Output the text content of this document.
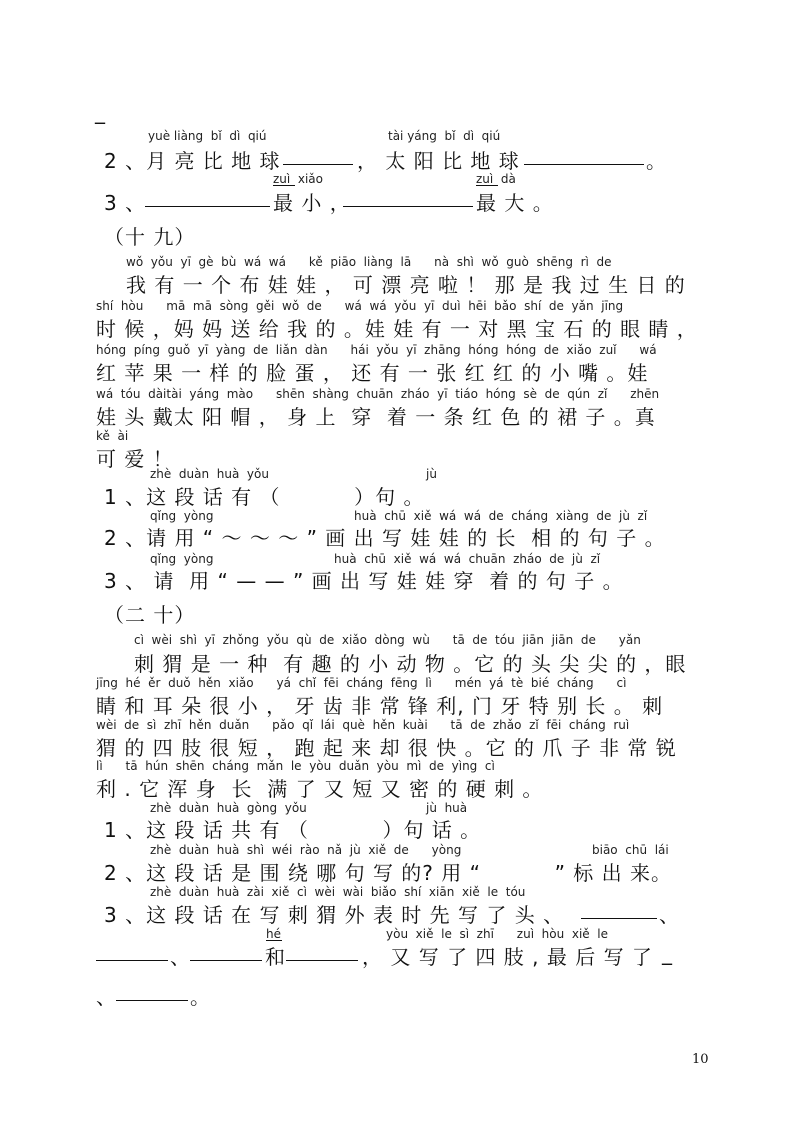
_
yuè liàng  bǐ  dì  qiú	tài yáng  bǐ  dì  qiú
2 、月 亮 比 地 球	， 太 阳 比 地 球	。
zuì  xiǎo	zuì  dà
3 、	最 小 ，	最 大 。
（十 九）
wǒ  yǒu  yī  gè  bù  wá  wá      kě  piāo  liàng  lā      nà  shì  wǒ  guò  shēng  rì  de
我 有 一 个 布 娃 娃 ， 可 漂 亮 啦 ！ 那 是 我 过 生 日 的
shí  hòu      mā  mā  sòng  gěi  wǒ  de      wá  wá  yǒu  yī  duì  hēi  bǎo  shí  de  yǎn  jīng
时 候 ，妈 妈 送 给 我 的 。娃 娃 有 一 对 黑 宝 石 的 眼 睛 ，
hóng  píng  guǒ  yī  yàng  de  liǎn  dàn      hái  yǒu  yī  zhāng  hóng  hóng  de  xiǎo  zuǐ      wá
红 苹 果 一 样 的 脸 蛋 ， 还 有 一 张 红 红 的 小 嘴 。娃
wá  tóu  dàitài  yáng  mào      shēn  shàng  chuān  zháo  yī  tiáo  hóng  sè  de  qún  zǐ      zhēn
娃 头 戴太 阳 帽 ， 身 上  穿  着 一 条 红 色 的 裙 子 。真
kě  ài
可 爱 ！
zhè  duàn  huà  yǒu	jù
1 、这 段 话 有 （          ）句 。
qǐng  yòng	huà  chū  xiě  wá  wá  de  cháng  xiàng  de  jù  zǐ
2 、请 用 “ ～ ～ ～ ” 画 出 写 娃 娃 的 长  相 的 句 子 。
qǐng  yòng	huà  chū  xiě  wá  wá  chuān  zháo  de  jù  zǐ
3 、 请  用 “ — — ” 画 出 写 娃 娃 穿  着 的 句 子 。
（二 十）
cì  wèi  shì  yī  zhǒng  yǒu  qù  de  xiǎo  dòng  wù      tā  de  tóu  jiān  jiān  de      yǎn
刺 猬 是 一 种  有 趣 的 小 动 物 。它 的 头 尖 尖 的 ，眼
jīng  hé  ěr  duǒ  hěn  xiǎo      yá  chǐ  fēi  cháng  fēng  lì      mén  yá  tè  bié  cháng      cì
睛 和 耳 朵 很 小 ， 牙 齿 非 常 锋 利, 门 牙 特 别 长 。 刺
wèi  de  sì  zhī  hěn  duǎn      pǎo  qǐ  lái  què  hěn  kuài      tā  de  zhǎo  zǐ  fēi  cháng  ruì
猬 的 四 肢 很 短 ， 跑 起 来 却 很 快 。它 的 爪 子 非 常 锐
lì      tā  hún  shēn  cháng  mǎn  le  yòu  duǎn  yòu  mì  de  yìng  cì
利 . 它 浑 身  长  满 了 又 短 又 密 的 硬 刺 。
zhè  duàn  huà  gòng  yǒu	jù  huà
1 、这 段 话 共 有 （          ）句 话 。
zhè  duàn  huà  shì  wéi  rào  nǎ  jù  xiě  de      yòng	biāo  chū  lái
2 、这 段 话 是 围 绕 哪 句 写 的? 用 “          ” 标 出 来。
zhè  duàn  huà  zài  xiě  cì  wèi  wài  biǎo  shí  xiān  xiě  le  tóu
3 、这 段 话 在 写 刺 猬 外 表 时 先 写 了 头 、	、
hé	yòu  xiě  le  sì  zhī      zuì  hòu  xiě  le
、	和	， 又 写 了 四 肢 , 最 后 写 了 _
、	。
10
